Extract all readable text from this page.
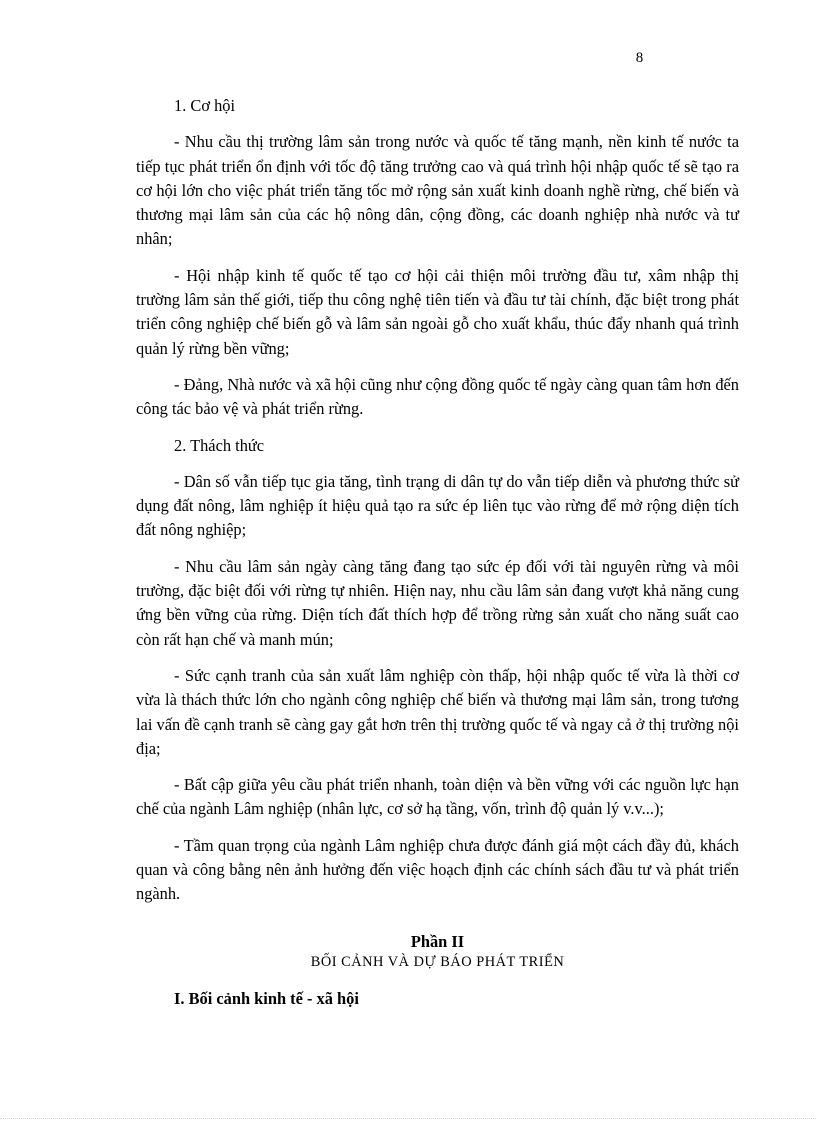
8
1. Cơ hội

- Nhu cầu thị trường lâm sản trong nước và quốc tế tăng mạnh, nền kinh tế nước ta tiếp tục phát triển ổn định với tốc độ tăng trưởng cao và quá trình hội nhập quốc tế sẽ tạo ra cơ hội lớn cho việc phát triển tăng tốc mở rộng sản xuất kinh doanh nghề rừng, chế biến và thương mại lâm sản của các hộ nông dân, cộng đồng, các doanh nghiệp nhà nước và tư nhân;

- Hội nhập kinh tế quốc tế tạo cơ hội cải thiện môi trường đầu tư, xâm nhập thị trường lâm sản thế giới, tiếp thu công nghệ tiên tiến và đầu tư tài chính, đặc biệt trong phát triển công nghiệp chế biến gỗ và lâm sản ngoài gỗ cho xuất khẩu, thúc đẩy nhanh quá trình quản lý rừng bền vững;

- Đảng, Nhà nước và xã hội cũng như cộng đồng quốc tế ngày càng quan tâm hơn đến công tác bảo vệ và phát triển rừng.

2. Thách thức

- Dân số vẫn tiếp tục gia tăng, tình trạng di dân tự do vẫn tiếp diễn và phương thức sử dụng đất nông, lâm nghiệp ít hiệu quả tạo ra sức ép liên tục vào rừng để mở rộng diện tích đất nông nghiệp;

- Nhu cầu lâm sản ngày càng tăng đang tạo sức ép đối với tài nguyên rừng và môi trường, đặc biệt đối với rừng tự nhiên. Hiện nay, nhu cầu lâm sản đang vượt khả năng cung ứng bền vững của rừng. Diện tích đất thích hợp để trồng rừng sản xuất cho năng suất cao còn rất hạn chế và manh mún;

- Sức cạnh tranh của sản xuất lâm nghiệp còn thấp, hội nhập quốc tế vừa là thời cơ vừa là thách thức lớn cho ngành công nghiệp chế biến và thương mại lâm sản, trong tương lai vấn đề cạnh tranh sẽ càng gay gắt hơn trên thị trường quốc tế và ngay cả ở thị trường nội địa;

- Bất cập giữa yêu cầu phát triển nhanh, toàn diện và bền vững với các nguồn lực hạn chế của ngành Lâm nghiệp (nhân lực, cơ sở hạ tầng, vốn, trình độ quản lý v.v...);

- Tầm quan trọng của ngành Lâm nghiệp chưa được đánh giá một cách đầy đủ, khách quan và công bằng nên ảnh hưởng đến việc hoạch định các chính sách đầu tư và phát triển ngành.

Phần II
BỐI CẢNH VÀ DỰ BÁO PHÁT TRIỂN
I. Bối cảnh kinh tế - xã hội
